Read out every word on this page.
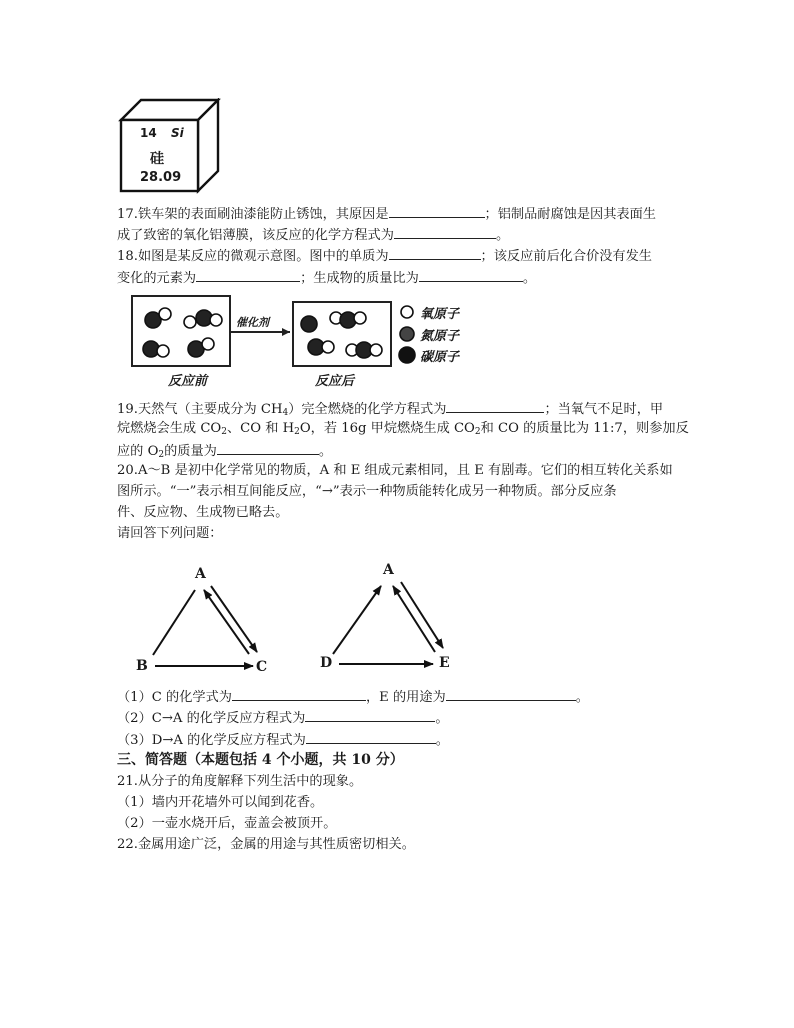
14 Si
硅
28.09
17.铁车架的表面刷油漆能防止锈蚀，其原因是	；铝制品耐腐蚀是因其表面生
成了致密的氧化铝薄膜，该反应的化学方程式为	。
18.如图是某反应的微观示意图。图中的单质为	；该反应前后化合价没有发生
变化的元素为	；生成物的质量比为	。
催化剂
反应前	反应后
氧原子
氮原子
碳原子
19.天然气（主要成分为 $CH_4$）完全燃烧的化学方程式为	；当氧气不足时，甲
烷燃烧会生成 $CO_2$、CO 和 $H_2O$，若 16g 甲烷燃烧生成 $CO_2$和 CO 的质量比为 11:7，则参加反
应的 $O_2$的质量为	。
20.A～B 是初中化学常见的物质，A 和 E 组成元素相同，且 E 有剧毒。它们的相互转化关系如
图所示。“一”表示相互间能反应，“→”表示一种物质能转化成另一种物质。部分反应条
件、反应物、生成物已略去。
请回答下列问题：
A
B	C
A
D	E
（1）C 的化学式为	，E 的用途为	。
（2）C→A 的化学反应方程式为	。
（3）D→A 的化学反应方程式为	。
三、简答题（本题包括 4 个小题，共 10 分）
21.从分子的角度解释下列生活中的现象。
（1）墙内开花墙外可以闻到花香。
（2）一壶水烧开后，壶盖会被顶开。
22.金属用途广泛，金属的用途与其性质密切相关。
